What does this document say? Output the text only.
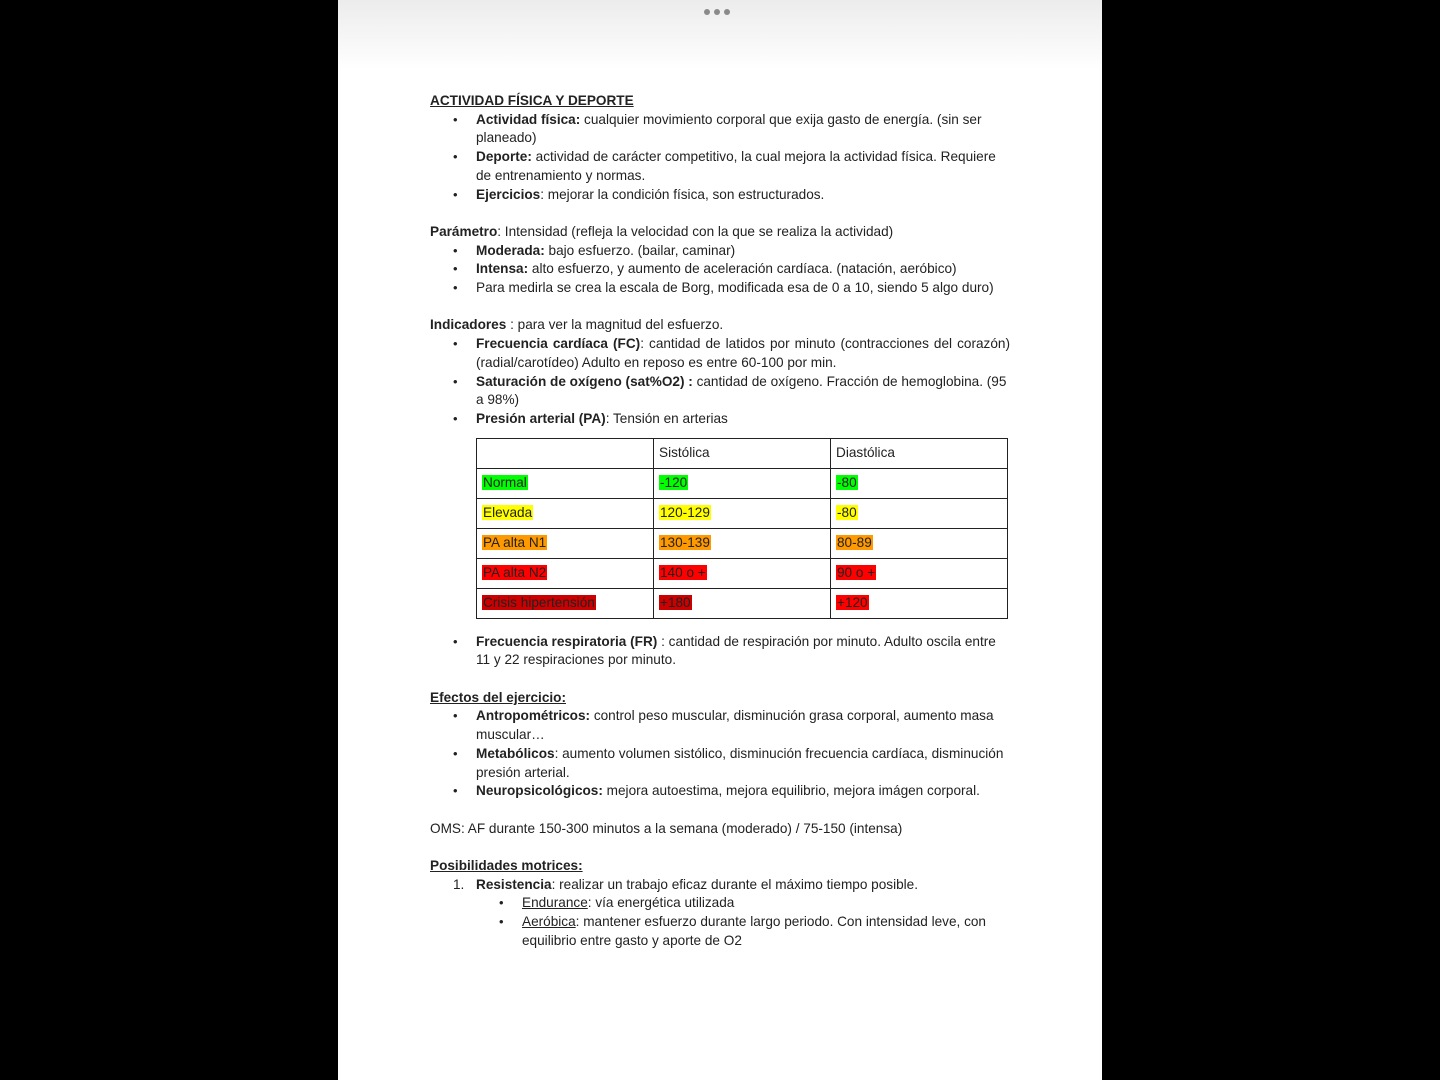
ACTIVIDAD FÍSICA Y DEPORTE
• Actividad física: cualquier movimiento corporal que exija gasto de energía. (sin ser planeado)
• Deporte: actividad de carácter competitivo, la cual mejora la actividad física. Requiere de entrenamiento y normas.
• Ejercicios: mejorar la condición física, son estructurados.
Parámetro: Intensidad (refleja la velocidad con la que se realiza la actividad)
• Moderada: bajo esfuerzo. (bailar, caminar)
• Intensa: alto esfuerzo, y aumento de aceleración cardíaca. (natación, aeróbico)
• Para medirla se crea la escala de Borg, modificada esa de 0 a 10, siendo 5 algo duro)
Indicadores : para ver la magnitud del esfuerzo.
• Frecuencia cardíaca (FC): cantidad de latidos por minuto (contracciones del corazón) (radial/carotídeo) Adulto en reposo es entre 60-100 por min.
• Saturación de oxígeno (sat%O2) : cantidad de oxígeno. Fracción de hemoglobina. (95 a 98%)
• Presión arterial (PA): Tensión en arterias
	Sistólica	Diastólica
Normal	-120	-80
Elevada	120-129	-80
PA alta N1	130-139	80-89
PA alta N2	140 o +	90 o +
Crisis hipertensión	+180	+120
• Frecuencia respiratoria (FR) : cantidad de respiración por minuto. Adulto oscila entre 11 y 22 respiraciones por minuto.
Efectos del ejercicio:
• Antropométricos: control peso muscular, disminución grasa corporal, aumento masa muscular…
• Metabólicos: aumento volumen sistólico, disminución frecuencia cardíaca, disminución presión arterial.
• Neuropsicológicos: mejora autoestima, mejora equilibrio, mejora imágen corporal.
OMS: AF durante 150-300 minutos a la semana (moderado) / 75-150 (intensa)
Posibilidades motrices:
1. Resistencia: realizar un trabajo eficaz durante el máximo tiempo posible.
• Endurance: vía energética utilizada
• Aeróbica: mantener esfuerzo durante largo periodo. Con intensidad leve, con equilibrio entre gasto y aporte de O2
